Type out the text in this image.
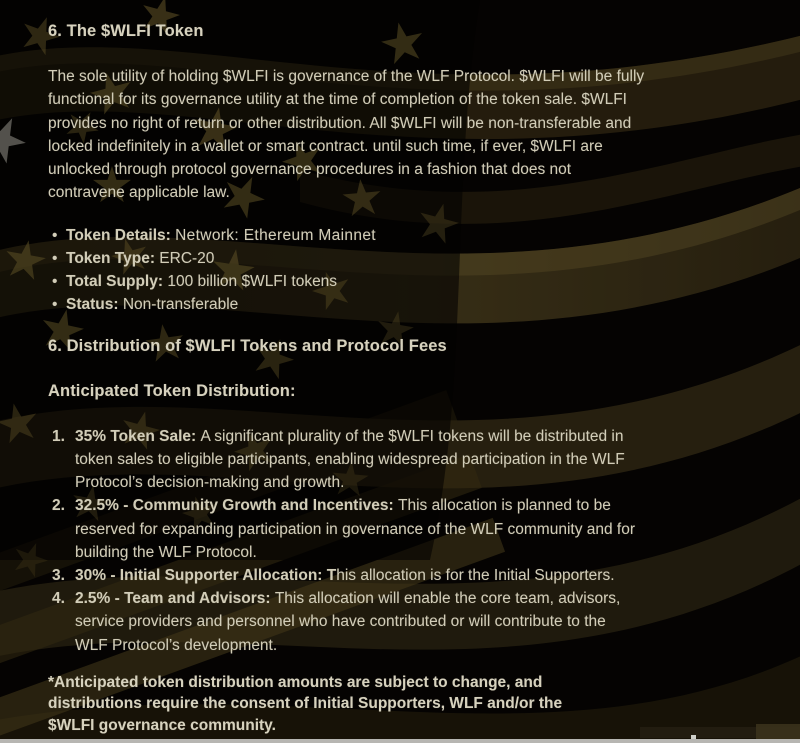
6. The $WLFI Token
The sole utility of holding $WLFI is governance of the WLF Protocol. $WLFI will be fully
functional for its governance utility at the time of completion of the token sale. $WLFI
provides no right of return or other distribution. All $WLFI will be non-transferable and
locked indefinitely in a wallet or smart contract. until such time, if ever, $WLFI are
unlocked through protocol governance procedures in a fashion that does not
contravene applicable law.
• Token Details: Network: Ethereum Mainnet
• Token Type: ERC-20
• Total Supply: 100 billion $WLFI tokens
• Status: Non-transferable
6. Distribution of $WLFI Tokens and Protocol Fees
Anticipated Token Distribution:
1. 35% Token Sale: A significant plurality of the $WLFI tokens will be distributed in
token sales to eligible participants, enabling widespread participation in the WLF
Protocol’s decision-making and growth.
2. 32.5% - Community Growth and Incentives: This allocation is planned to be
reserved for expanding participation in governance of the WLF community and for
building the WLF Protocol.
3. 30% - Initial Supporter Allocation: This allocation is for the Initial Supporters.
4. 2.5% - Team and Advisors: This allocation will enable the core team, advisors,
service providers and personnel who have contributed or will contribute to the
WLF Protocol’s development.
*Anticipated token distribution amounts are subject to change, and
distributions require the consent of Initial Supporters, WLF and/or the
$WLFI governance community.
